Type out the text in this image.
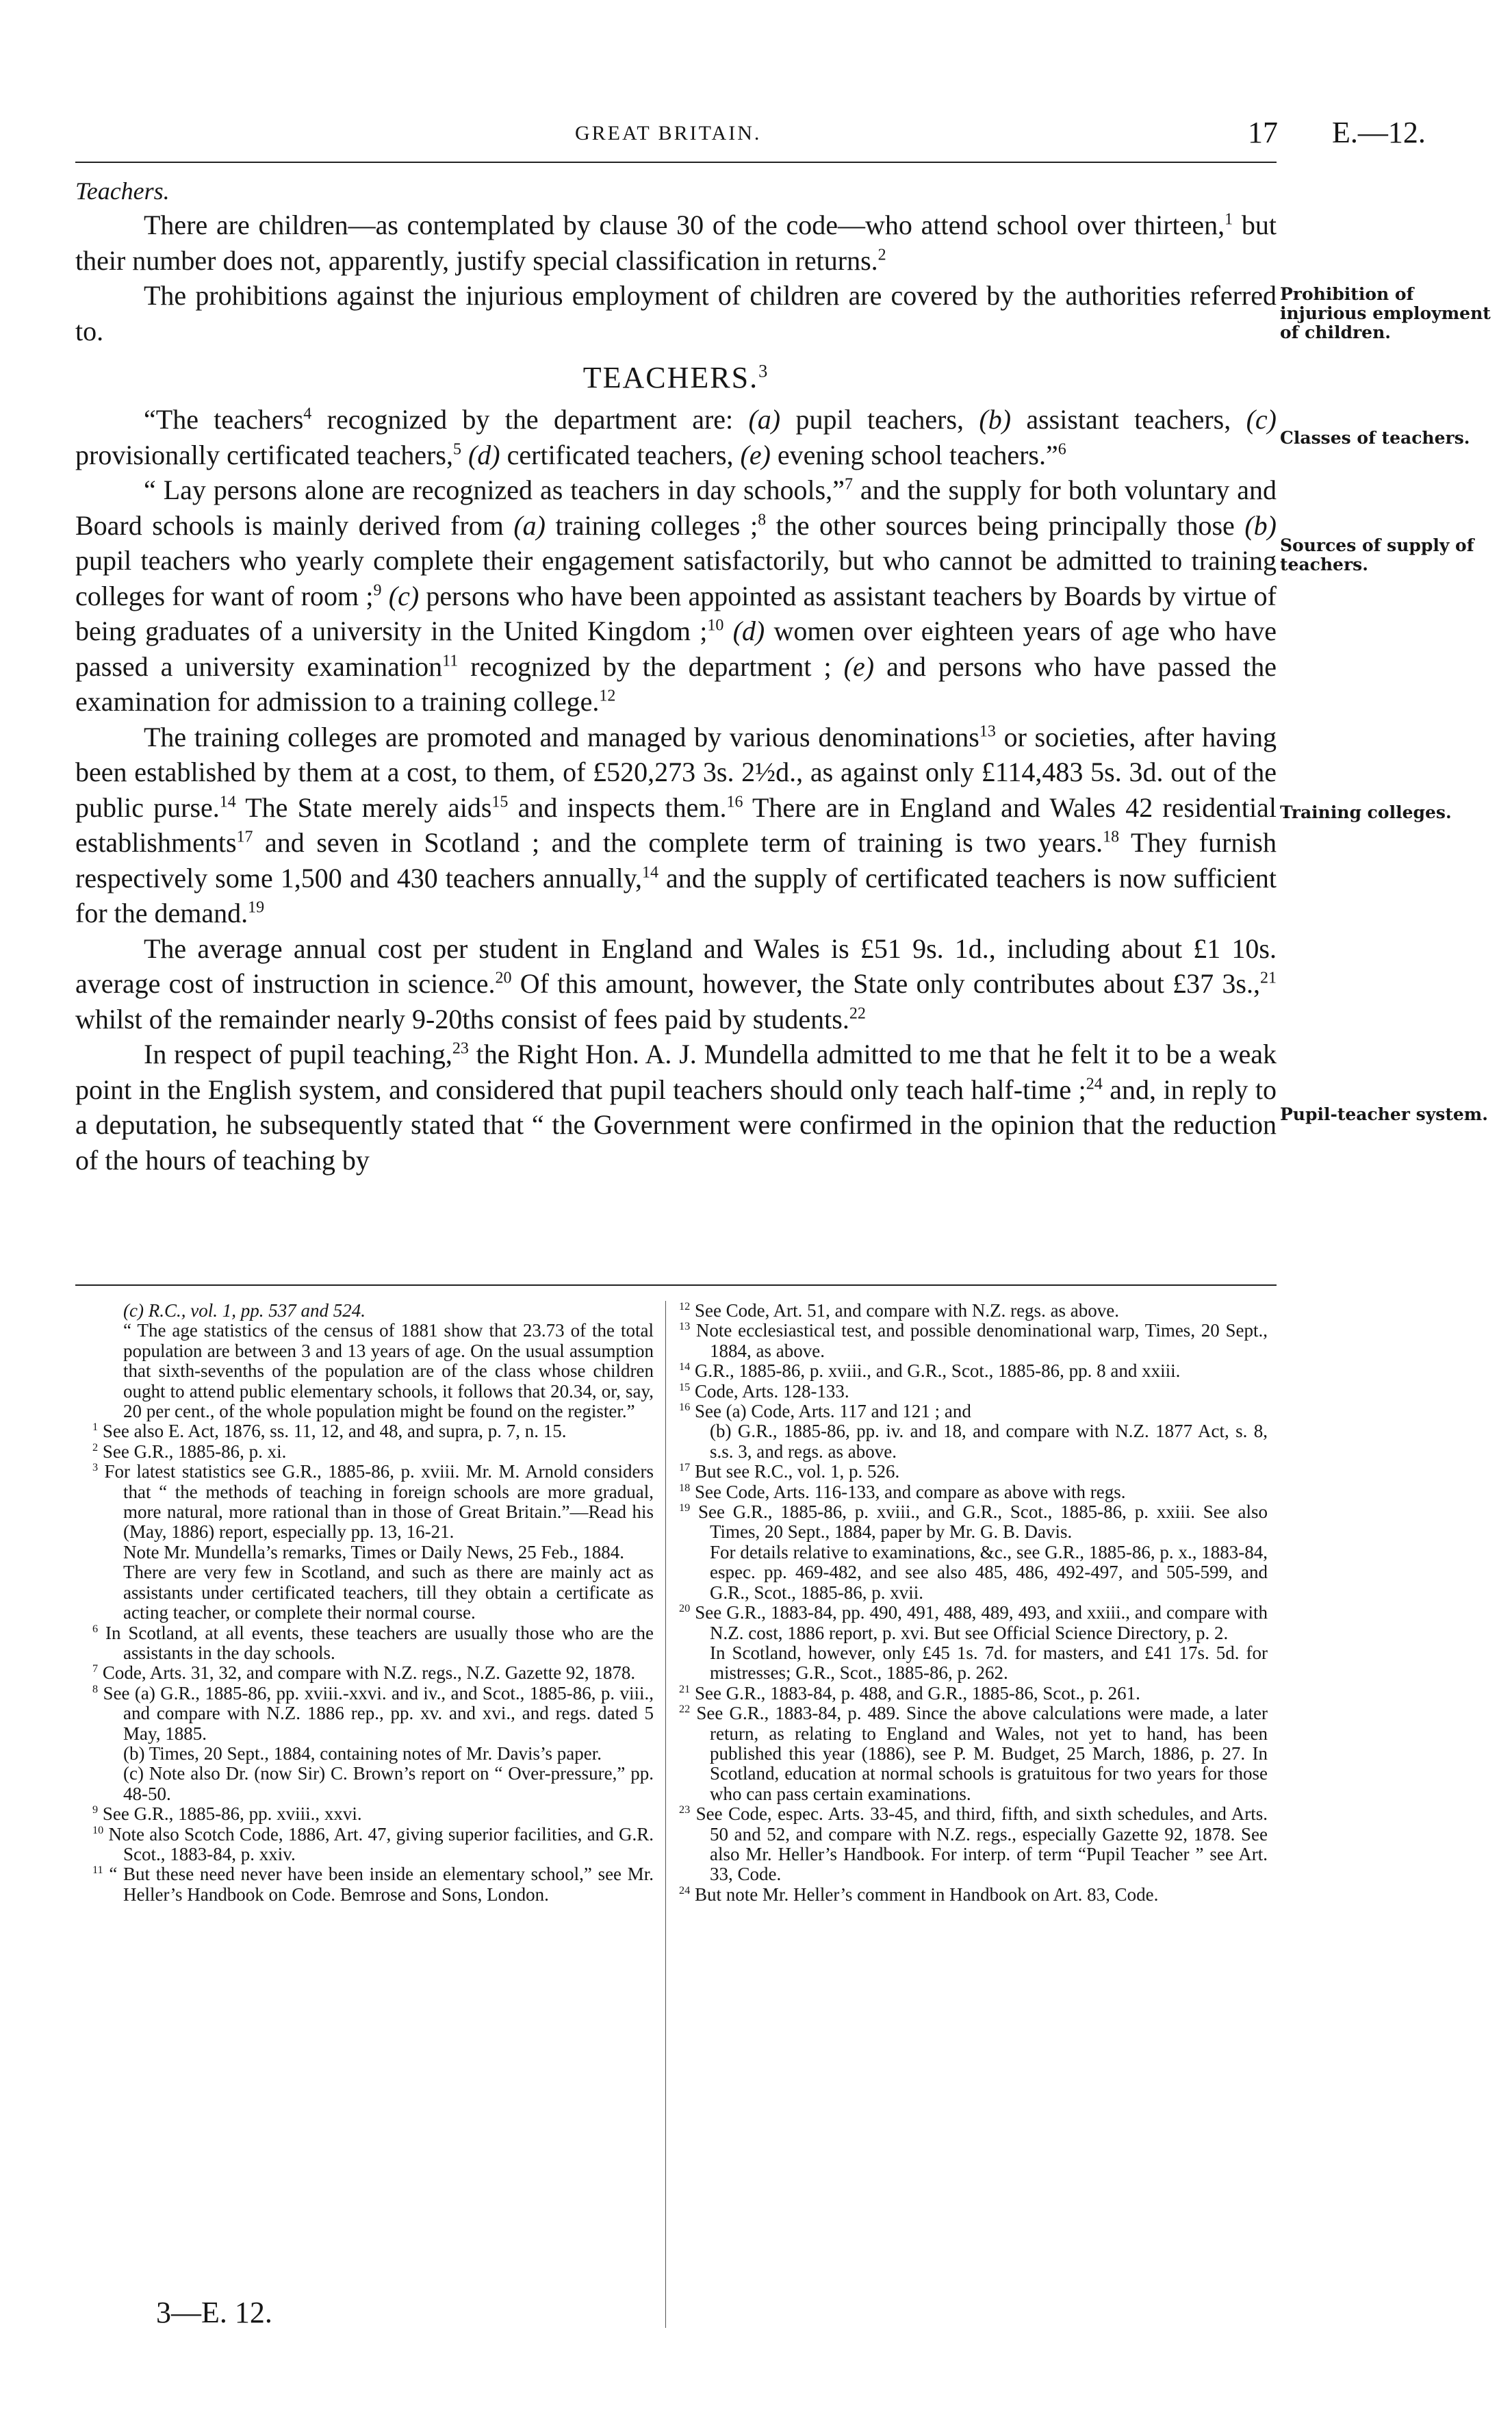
GREAT BRITAIN.	17 E.—12.

Teachers.

There are children—as contemplated by clause 30 of the code—who attend school over thirteen,$^1$ but their number does not, apparently, justify special classification in returns.$^2$

The prohibitions against the injurious employment of children are covered by the authorities referred to.

TEACHERS.$^3$

“The teachers$^4$ recognized by the department are: (a) pupil teachers, (b) assistant teachers, (c) provisionally certificated teachers,$^5$ (d) certificated teachers, (e) evening school teachers.”$^6$

“ Lay persons alone are recognized as teachers in day schools,”$^7$ and the supply for both voluntary and Board schools is mainly derived from (a) training colleges ;$^8$ the other sources being principally those (b) pupil teachers who yearly complete their engagement satisfactorily, but who cannot be admitted to training colleges for want of room ;$^9$ (c) persons who have been appointed as assistant teachers by Boards by virtue of being graduates of a university in the United Kingdom ;$^{10}$ (d) women over eighteen years of age who have passed a university examination$^{11}$ recognized by the department ; (e) and persons who have passed the examination for admission to a training college.$^{12}$

The training colleges are promoted and managed by various denominations$^{13}$ or societies, after having been established by them at a cost, to them, of £520,273 3s. 2½d., as against only £114,483 5s. 3d. out of the public purse.$^{14}$ The State merely aids$^{15}$ and inspects them.$^{16}$ There are in England and Wales 42 residential establishments$^{17}$ and seven in Scotland ; and the complete term of training is two years.$^{18}$ They furnish respectively some 1,500 and 430 teachers annually,$^{14}$ and the supply of certificated teachers is now sufficient for the demand.$^{19}$

The average annual cost per student in England and Wales is £51 9s. 1d., including about £1 10s. average cost of instruction in science.$^{20}$ Of this amount, however, the State only contributes about £37 3s.,$^{21}$ whilst of the remainder nearly 9-20ths consist of fees paid by students.$^{22}$

In respect of pupil teaching,$^{23}$ the Right Hon. A. J. Mundella admitted to me that he felt it to be a weak point in the English system, and considered that pupil teachers should only teach half-time ;$^{24}$ and, in reply to a deputation, he subsequently stated that “ the Government were confirmed in the opinion that the reduction of the hours of teaching by

Prohibition of injurious employment of children.
Classes of teachers.
Sources of supply of teachers.
Training colleges.
Pupil-teacher system.

(c) R.C., vol. 1, pp. 537 and 524.

“ The age statistics of the census of 1881 show that 23.73 of the total population are between 3 and 13 years of age. On the usual assumption that sixth-sevenths of the population are of the class whose children ought to attend public elementary schools, it follows that 20.34, or, say, 20 per cent., of the whole population might be found on the register.”

$^1$ See also E. Act, 1876, ss. 11, 12, and 48, and supra, p. 7, n. 15.

$^2$ See G.R., 1885-86, p. xi.

$^3$ For latest statistics see G.R., 1885-86, p. xviii. Mr. M. Arnold considers that “ the methods of teaching in foreign schools are more gradual, more natural, more rational than in those of Great Britain.”—Read his (May, 1886) report, especially pp. 13, 16-21.

Note Mr. Mundella’s remarks, Times or Daily News, 25 Feb., 1884.

There are very few in Scotland, and such as there are mainly act as assistants under certificated teachers, till they obtain a certificate as acting teacher, or complete their normal course.

$^6$ In Scotland, at all events, these teachers are usually those who are the assistants in the day schools.

$^7$ Code, Arts. 31, 32, and compare with N.Z. regs., N.Z. Gazette 92, 1878.

$^8$ See (a) G.R., 1885-86, pp. xviii.-xxvi. and iv., and Scot., 1885-86, p. viii., and compare with N.Z. 1886 rep., pp. xv. and xvi., and regs. dated 5 May, 1885.

(b) Times, 20 Sept., 1884, containing notes of Mr. Davis’s paper.

(c) Note also Dr. (now Sir) C. Brown’s report on “ Over-pressure,” pp. 48-50.

$^9$ See G.R., 1885-86, pp. xviii., xxvi.

$^{10}$ Note also Scotch Code, 1886, Art. 47, giving superior facilities, and G.R. Scot., 1883-84, p. xxiv.

$^{11}$ “ But these need never have been inside an elementary school,” see Mr. Heller’s Handbook on Code. Bemrose and Sons, London.

$^{12}$ See Code, Art. 51, and compare with N.Z. regs. as above.

$^{13}$ Note ecclesiastical test, and possible denominational warp, Times, 20 Sept., 1884, as above.

$^{14}$ G.R., 1885-86, p. xviii., and G.R., Scot., 1885-86, pp. 8 and xxiii.

$^{15}$ Code, Arts. 128-133.

$^{16}$ See (a) Code, Arts. 117 and 121 ; and

(b) G.R., 1885-86, pp. iv. and 18, and compare with N.Z. 1877 Act, s. 8, s.s. 3, and regs. as above.

$^{17}$ But see R.C., vol. 1, p. 526.

$^{18}$ See Code, Arts. 116-133, and compare as above with regs.

$^{19}$ See G.R., 1885-86, p. xviii., and G.R., Scot., 1885-86, p. xxiii. See also Times, 20 Sept., 1884, paper by Mr. G. B. Davis.

For details relative to examinations, &c., see G.R., 1885-86, p. x., 1883-84, espec. pp. 469-482, and see also 485, 486, 492-497, and 505-599, and G.R., Scot., 1885-86, p. xvii.

$^{20}$ See G.R., 1883-84, pp. 490, 491, 488, 489, 493, and xxiii., and compare with N.Z. cost, 1886 report, p. xvi. But see Official Science Directory, p. 2.

In Scotland, however, only £45 1s. 7d. for masters, and £41 17s. 5d. for mistresses; G.R., Scot., 1885-86, p. 262.

$^{21}$ See G.R., 1883-84, p. 488, and G.R., 1885-86, Scot., p. 261.

$^{22}$ See G.R., 1883-84, p. 489. Since the above calculations were made, a later return, as relating to England and Wales, not yet to hand, has been published this year (1886), see P. M. Budget, 25 March, 1886, p. 27. In Scotland, education at normal schools is gratuitous for two years for those who can pass certain examinations.

$^{23}$ See Code, espec. Arts. 33-45, and third, fifth, and sixth schedules, and Arts. 50 and 52, and compare with N.Z. regs., especially Gazette 92, 1878. See also Mr. Heller’s Handbook. For interp. of term “Pupil Teacher ” see Art. 33, Code.

$^{24}$ But note Mr. Heller’s comment in Handbook on Art. 83, Code.

3—E. 12.
